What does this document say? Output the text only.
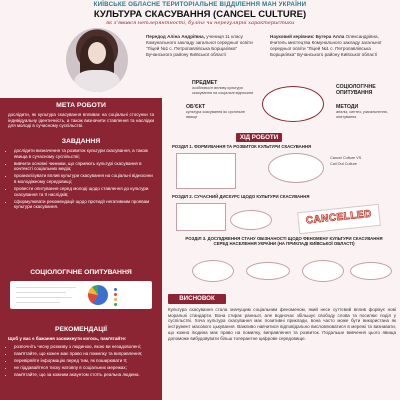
КИЇВСЬКЕ ОБЛАСНЕ ТЕРИТОРІАЛЬНЕ ВІДДІЛЕННЯ МАН УКРАЇНИ
КУЛЬТУРА СКАСУВАННЯ (CANCEL CULTURE)
як з'явився нетлерянтності, булінг чи нерегулярні характеристики
Передод Аліна Андріївна, учениця 11 класу Комунального закладу загальної середньої освіти "Ліцей №1 с. Петропавлівська Борщагівка" Бучанського району Київської області
Науковий керівник: Бугера Алла Олександрівна, вчитель мистецтва Комунального закладу загальної середньої освіти "Ліцей №1 с. Петропавлівська Борщагівка" Бучанського району Київської області
МЕТА РОБОТИ
дослідити, як культура скасування впливає на соціальні стосунки та індивідуальну ідентичність, а також визначити ставлення та наслідки для молоді в сучасному суспільстві.
ЗАВДАННЯ
• дослідити визначення та розвиток культури скасування, а також явища в сучасному суспільстві;
• вивчити основні чинники, що сприяють культурі скасування в контексті соціальних медіа;
• проаналізувати вплив культури скасування на соціальні відносини в молодіжному середовищі;
• провести опитування серед молоді щодо ставлення до культури скасування та її наслідків;
• сформулювати рекомендації щодо протидії негативним проявам культури скасування.
СОЦІОЛОГІЧНЕ ОПИТУВАННЯ
РЕКОМЕНДАЦІЇ
Щоб у вас є бажання засмикнути когось, пам'ятайте:
• розпочніть чесну розмову з людиною, якою ви незадоволені;
• пам'ятайте, що кожен має право на помилку та виправлення;
• перевіряйте інформацію перед тим, як поширювати її;
• не піддавайтеся тиску натовпу в соціальних мережах;
• пам'ятайте, що за кожним акаунтом стоїть реальна людина.
ПРЕДМЕТ
особливості впливу культури скасування на соціальні відносини
ОБ'ЄКТ
культура скасування як суспільне явище
СОЦІОЛОГІЧНЕ ОПИТУВАННЯ
МЕТОДИ
аналіз, синтез, узагальнення, опитування
ХІД РОБОТИ
РОЗДІЛ 1. ФОРМУВАННЯ ТА РОЗВИТОК КУЛЬТУРИ СКАСУВАННЯ
Cancel Culture VS
Call Out Culture
РОЗДІЛ 2. СУЧАСНИЙ ДИСКУРС ЩОДО КУЛЬТУРИ СКАСУВАННЯ
CANCELLED
РОЗДІЛ 3. ДОСЛІДЖЕННЯ СТАНУ ОБІЗНАНОСТІ ЩОДО ФЕНОМЕНУ КУЛЬТУРИ СКАСУВАННЯ СЕРЕД НАСЕЛЕННЯ УКРАЇНИ (НА ПРИКЛАДІ КИЇВСЬКОЇ ОБЛАСТІ)
ВИСНОВОК
Культура скасування стала значущим соціальним феноменом, який несе суттєвий вплив формує нові моральні стандарти. Вона стирає ранньої, але водночас збільшує свободу слова та посилює поділ у суспільстві. Хоча культура скасування має позитивні приклади, вона часто може бути використана як інструмент масового цькування. Важливо навчитися відповідально висловлюватися в мережі та визнавати, що кожна людина має право на помилку, виправлення та розвиток. Подальше вивчення цього явища допоможе вибудовувати більш толерантне цифрове середовище.
